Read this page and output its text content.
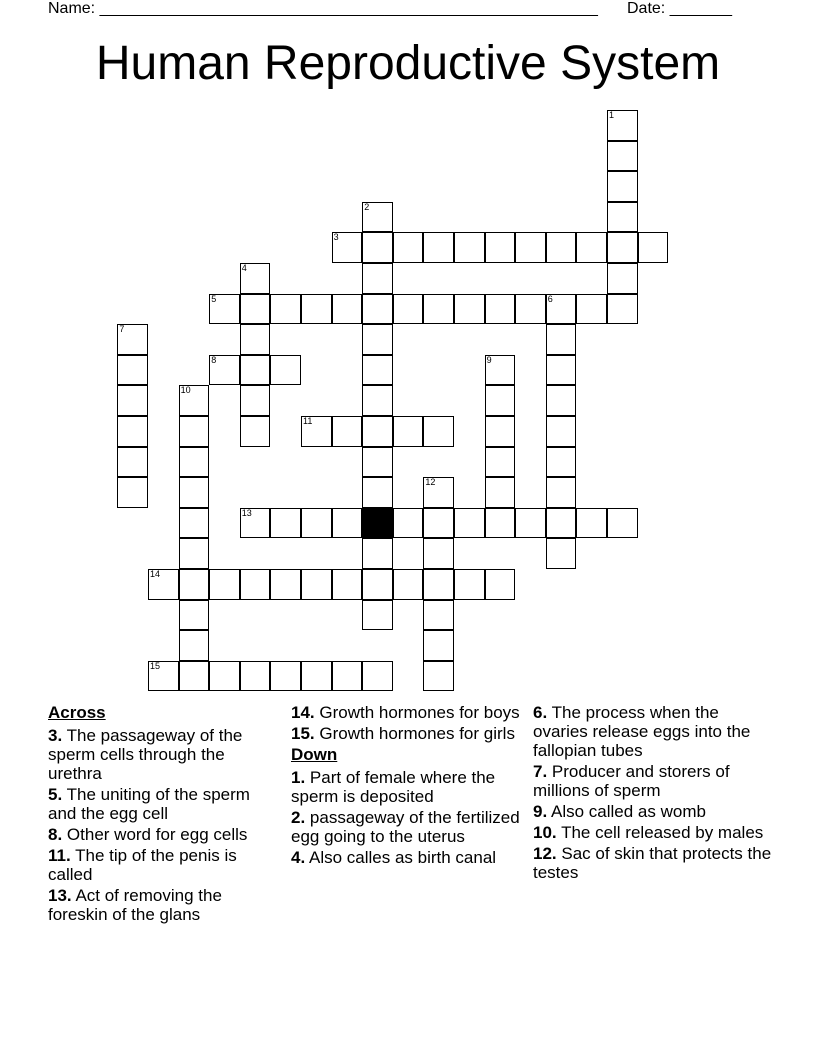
Name: ________________________________________________________ Date: _______
Human Reproductive System
1
2
3
4
5	6
7
8	9
10
11
12
13
14
15
Across
3. The passageway of the sperm cells through the urethra
5. The uniting of the sperm and the egg cell
8. Other word for egg cells
11. The tip of the penis is called
13. Act of removing the foreskin of the glans
14. Growth hormones for boys
15. Growth hormones for girls
Down
1. Part of female where the sperm is deposited
2. passageway of the fertilized egg going to the uterus
4. Also calles as birth canal
6. The process when the ovaries release eggs into the fallopian tubes
7. Producer and storers of millions of sperm
9. Also called as womb
10. The cell released by males
12. Sac of skin that protects the testes
